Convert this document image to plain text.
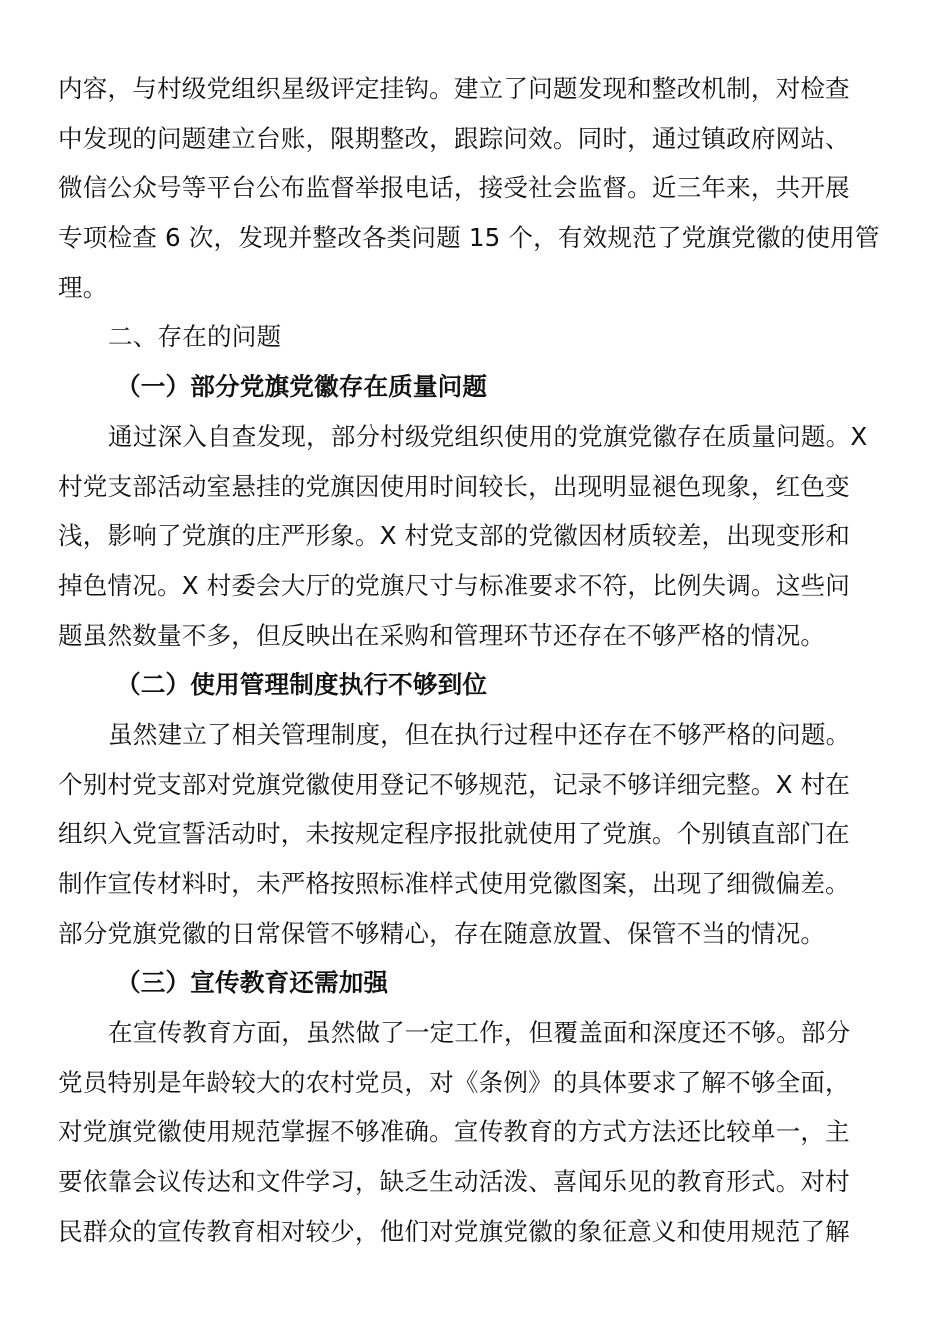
内容，与村级党组织星级评定挂钩。建立了问题发现和整改机制，对检查
中发现的问题建立台账，限期整改，跟踪问效。同时，通过镇政府网站、
微信公众号等平台公布监督举报电话，接受社会监督。近三年来，共开展
专项检查 6 次，发现并整改各类问题 15 个，有效规范了党旗党徽的使用管
理。
二、存在的问题
（一）部分党旗党徽存在质量问题
通过深入自查发现，部分村级党组织使用的党旗党徽存在质量问题。X
村党支部活动室悬挂的党旗因使用时间较长，出现明显褪色现象，红色变
浅，影响了党旗的庄严形象。X 村党支部的党徽因材质较差，出现变形和
掉色情况。X 村委会大厅的党旗尺寸与标准要求不符，比例失调。这些问
题虽然数量不多，但反映出在采购和管理环节还存在不够严格的情况。
（二）使用管理制度执行不够到位
虽然建立了相关管理制度，但在执行过程中还存在不够严格的问题。
个别村党支部对党旗党徽使用登记不够规范，记录不够详细完整。X 村在
组织入党宣誓活动时，未按规定程序报批就使用了党旗。个别镇直部门在
制作宣传材料时，未严格按照标准样式使用党徽图案，出现了细微偏差。
部分党旗党徽的日常保管不够精心，存在随意放置、保管不当的情况。
（三）宣传教育还需加强
在宣传教育方面，虽然做了一定工作，但覆盖面和深度还不够。部分
党员特别是年龄较大的农村党员，对《条例》的具体要求了解不够全面，
对党旗党徽使用规范掌握不够准确。宣传教育的方式方法还比较单一，主
要依靠会议传达和文件学习，缺乏生动活泼、喜闻乐见的教育形式。对村
民群众的宣传教育相对较少，他们对党旗党徽的象征意义和使用规范了解
